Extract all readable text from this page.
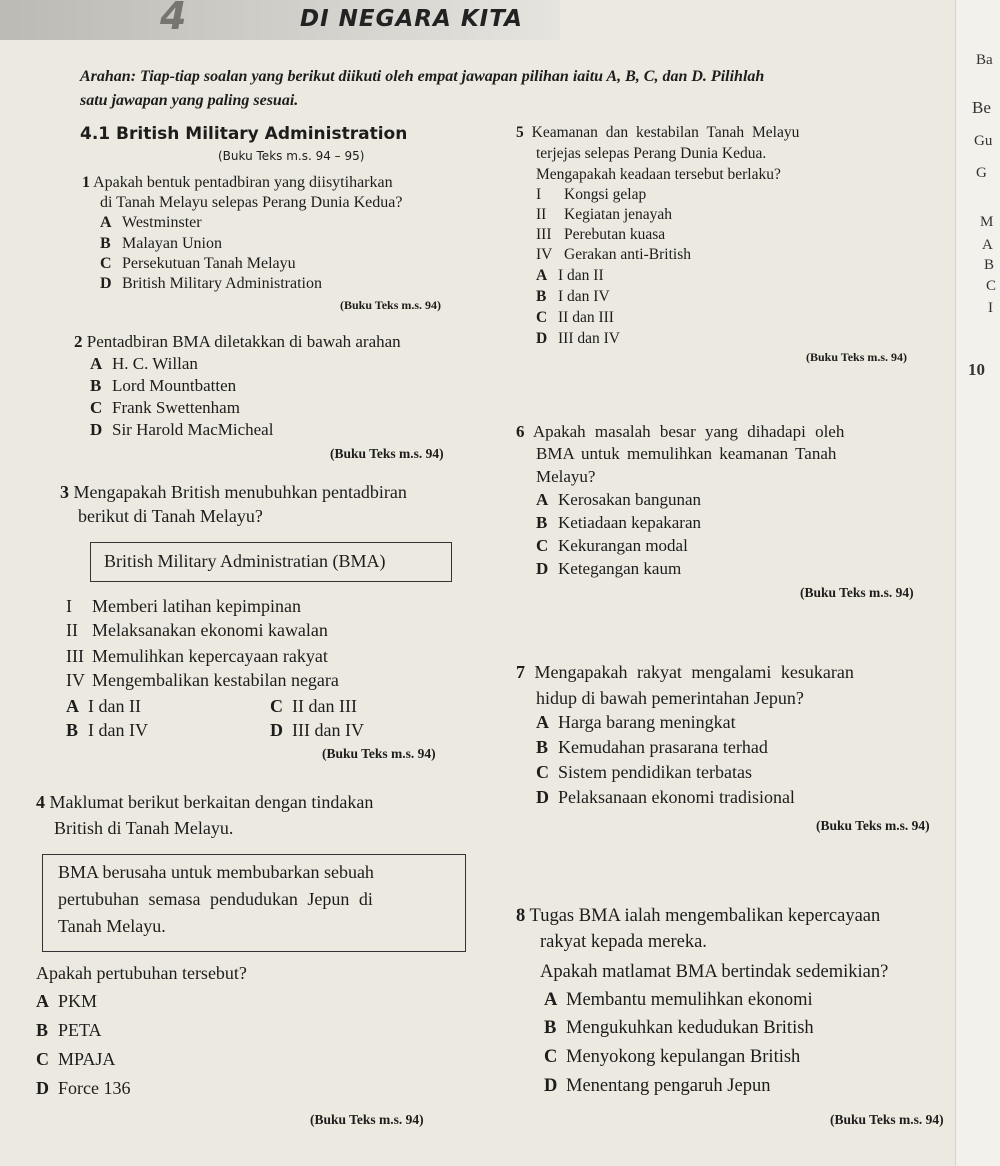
4	DI NEGARA KITA
Ba
Be
Gu
G
M
A
B
C
I
10
Arahan: Tiap-tiap soalan yang berikut diikuti oleh empat jawapan pilihan iaitu A, B, C, dan D. Pilihlah
satu jawapan yang paling sesuai.
4.1 British Military Administration
(Buku Teks m.s. 94 – 95)
1 Apakah bentuk pentadbiran yang diisytiharkan
di Tanah Melayu selepas Perang Dunia Kedua?
A Westminster
B Malayan Union
C Persekutuan Tanah Melayu
D British Military Administration
(Buku Teks m.s. 94)
2 Pentadbiran BMA diletakkan di bawah arahan
A H. C. Willan
B Lord Mountbatten
C Frank Swettenham
D Sir Harold MacMicheal
(Buku Teks m.s. 94)
3 Mengapakah British menubuhkan pentadbiran
berikut di Tanah Melayu?
British Military Administratian (BMA)
I Memberi latihan kepimpinan
II Melaksanakan ekonomi kawalan
III Memulihkan kepercayaan rakyat
IV Mengembalikan kestabilan negara
A I dan II
B I dan IV
C II dan III
D III dan IV
(Buku Teks m.s. 94)
4 Maklumat berikut berkaitan dengan tindakan
British di Tanah Melayu.
BMA berusaha untuk membubarkan sebuah
pertubuhan semasa pendudukan Jepun di
Tanah Melayu.
Apakah pertubuhan tersebut?
A PKM
B PETA
C MPAJA
D Force 136
(Buku Teks m.s. 94)
5 Keamanan dan kestabilan Tanah Melayu
terjejas selepas Perang Dunia Kedua.
Mengapakah keadaan tersebut berlaku?
I Kongsi gelap
II Kegiatan jenayah
III Perebutan kuasa
IV Gerakan anti-British
A I dan II
B I dan IV
C II dan III
D III dan IV
(Buku Teks m.s. 94)
6 Apakah masalah besar yang dihadapi oleh
BMA untuk memulihkan keamanan Tanah
Melayu?
A Kerosakan bangunan
B Ketiadaan kepakaran
C Kekurangan modal
D Ketegangan kaum
(Buku Teks m.s. 94)
7 Mengapakah rakyat mengalami kesukaran
hidup di bawah pemerintahan Jepun?
A Harga barang meningkat
B Kemudahan prasarana terhad
C Sistem pendidikan terbatas
D Pelaksanaan ekonomi tradisional
(Buku Teks m.s. 94)
8 Tugas BMA ialah mengembalikan kepercayaan
rakyat kepada mereka.
Apakah matlamat BMA bertindak sedemikian?
A Membantu memulihkan ekonomi
B Mengukuhkan kedudukan British
C Menyokong kepulangan British
D Menentang pengaruh Jepun
(Buku Teks m.s. 94)
